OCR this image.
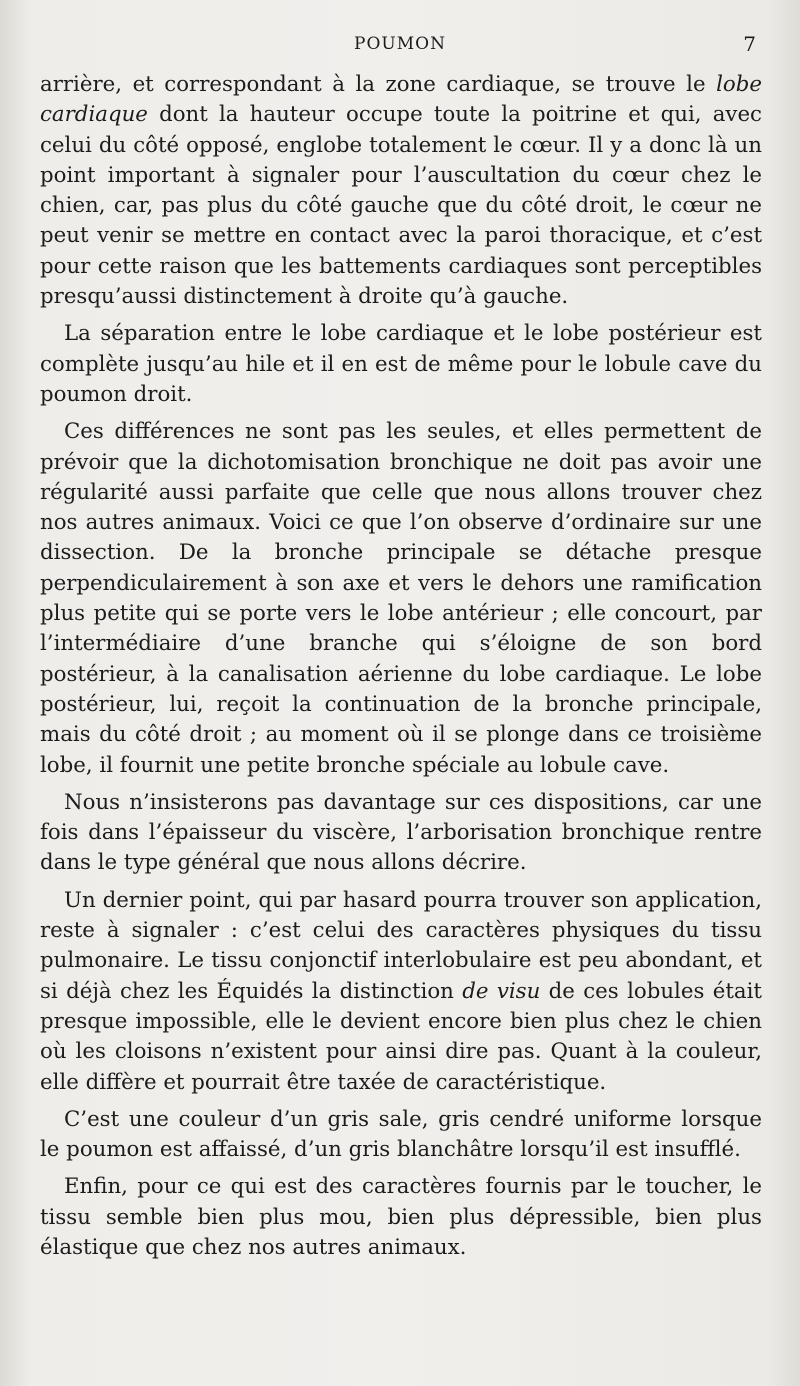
POUMON	7

arrière, et correspondant à la zone cardiaque, se trouve le lobe cardiaque dont la hauteur occupe toute la poitrine et qui, avec celui du côté opposé, englobe totalement le cœur. Il y a donc là un point important à signaler pour l’auscultation du cœur chez le chien, car, pas plus du côté gauche que du côté droit, le cœur ne peut venir se mettre en contact avec la paroi thoracique, et c’est pour cette raison que les battements cardiaques sont perceptibles presqu’aussi distinctement à droite qu’à gauche.

La séparation entre le lobe cardiaque et le lobe postérieur est complète jusqu’au hile et il en est de même pour le lobule cave du poumon droit.

Ces différences ne sont pas les seules, et elles permettent de prévoir que la dichotomisation bronchique ne doit pas avoir une régularité aussi parfaite que celle que nous allons trouver chez nos autres animaux. Voici ce que l’on observe d’ordinaire sur une dissection. De la bronche principale se détache presque perpendiculairement à son axe et vers le dehors une ramification plus petite qui se porte vers le lobe antérieur ; elle concourt, par l’intermédiaire d’une branche qui s’éloigne de son bord postérieur, à la canalisation aérienne du lobe cardiaque. Le lobe postérieur, lui, reçoit la continuation de la bronche principale, mais du côté droit ; au moment où il se plonge dans ce troisième lobe, il fournit une petite bronche spéciale au lobule cave.

Nous n’insisterons pas davantage sur ces dispositions, car une fois dans l’épaisseur du viscère, l’arborisation bronchique rentre dans le type général que nous allons décrire.

Un dernier point, qui par hasard pourra trouver son application, reste à signaler : c’est celui des caractères physiques du tissu pulmonaire. Le tissu conjonctif interlobulaire est peu abondant, et si déjà chez les Équidés la distinction de visu de ces lobules était presque impossible, elle le devient encore bien plus chez le chien où les cloisons n’existent pour ainsi dire pas. Quant à la couleur, elle diffère et pourrait être taxée de caractéristique.

C’est une couleur d’un gris sale, gris cendré uniforme lorsque le poumon est affaissé, d’un gris blanchâtre lorsqu’il est insufflé.

Enfin, pour ce qui est des caractères fournis par le toucher, le tissu semble bien plus mou, bien plus dépressible, bien plus élastique que chez nos autres animaux.
